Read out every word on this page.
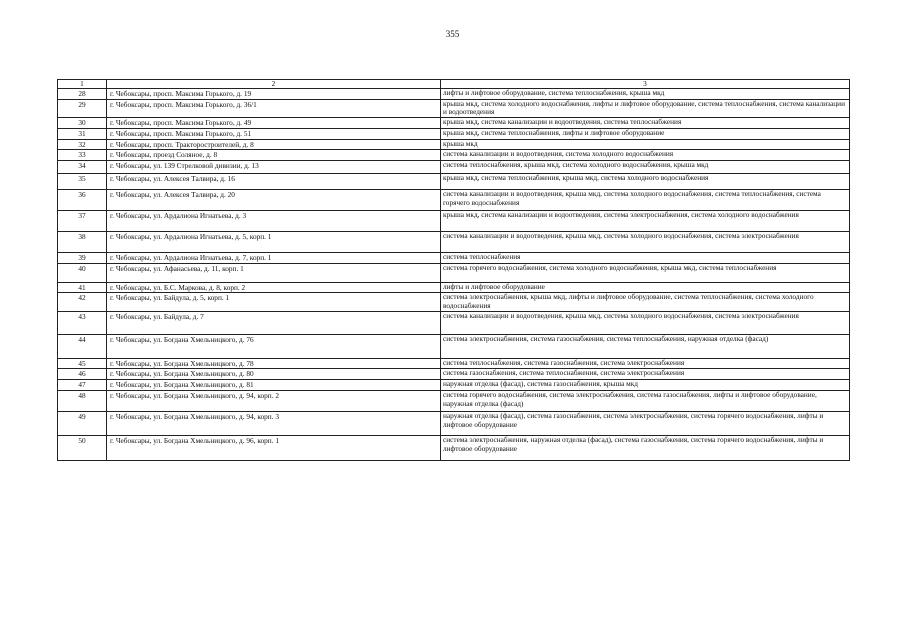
355
1	2	3
28	г. Чебоксары, просп. Максима Горького, д. 19	лифты и лифтовое оборудование, система теплоснабжения, крыша мкд
29	г. Чебоксары, просп. Максима Горького, д. 36/1	крыша мкд, система холодного водоснабжения, лифты и лифтовое оборудование, система теплоснабжения, система канализации и водоотведения
30	г. Чебоксары, просп. Максима Горького, д. 49	крыша мкд, система канализации и водоотведения, система теплоснабжения
31	г. Чебоксары, просп. Максима Горького, д. 51	крыша мкд, система теплоснабжения, лифты и лифтовое оборудование
32	г. Чебоксары, просп. Тракторостроителей, д. 8	крыша мкд
33	г. Чебоксары, проезд Соляное, д. 8	система канализации и водоотведения, система холодного водоснабжения
34	г. Чебоксары, ул. 139 Стрелковой дивизии, д. 13	система теплоснабжения, крыша мкд, система холодного водоснабжения, крыша мкд
35	г. Чебоксары, ул. Алексея Талвира, д. 16	крыша мкд, система теплоснабжения, крыша мкд, система холодного водоснабжения
36	г. Чебоксары, ул. Алексея Талвира, д. 20	система канализации и водоотведения, крыша мкд, система холодного водоснабжения, система теплоснабжения, система горячего водоснабжения
37	г. Чебоксары, ул. Ардалиона Игнатьева, д. 3	крыша мкд, система канализации и водоотведения, система электроснабжения, система холодного водоснабжения
38	г. Чебоксары, ул. Ардалиона Игнатьева, д. 5, корп. 1	система канализации и водоотведения, крыша мкд, система холодного водоснабжения, система электроснабжения
39	г. Чебоксары, ул. Ардалиона Игнатьева, д. 7, корп. 1	система теплоснабжения
40	г. Чебоксары, ул. Афанасьева, д. 11, корп. 1	система горячего водоснабжения, система холодного водоснабжения, крыша мкд, система теплоснабжения
41	г. Чебоксары, ул. Б.С. Маркова, д. 8, корп. 2	лифты и лифтовое оборудование
42	г. Чебоксары, ул. Байдула, д. 5, корп. 1	система электроснабжения, крыша мкд, лифты и лифтовое оборудование, система теплоснабжения, система холодного водоснабжения
43	г. Чебоксары, ул. Байдула, д. 7	система канализации и водоотведения, крыша мкд, система холодного водоснабжения, система электроснабжения
44	г. Чебоксары, ул. Богдана Хмельницкого, д. 76	система электроснабжения, система газоснабжения, система теплоснабжения, наружная отделка (фасад)
45	г. Чебоксары, ул. Богдана Хмельницкого, д. 78	система теплоснабжения, система газоснабжения, система электроснабжения
46	г. Чебоксары, ул. Богдана Хмельницкого, д. 80	система газоснабжения, система теплоснабжения, система электроснабжения
47	г. Чебоксары, ул. Богдана Хмельницкого, д. 81	наружная отделка (фасад), система газоснабжения, крыша мкд
48	г. Чебоксары, ул. Богдана Хмельницкого, д. 94, корп. 2	система горячего водоснабжения, система электроснабжения, система газоснабжения, лифты и лифтовое оборудование, наружная отделка (фасад)
49	г. Чебоксары, ул. Богдана Хмельницкого, д. 94, корп. 3	наружная отделка (фасад), система газоснабжения, система электроснабжения, система горячего водоснабжения, лифты и лифтовое оборудование
50	г. Чебоксары, ул. Богдана Хмельницкого, д. 96, корп. 1	система электроснабжения, наружная отделка (фасад), система газоснабжения, система горячего водоснабжения, лифты и лифтовое оборудование
